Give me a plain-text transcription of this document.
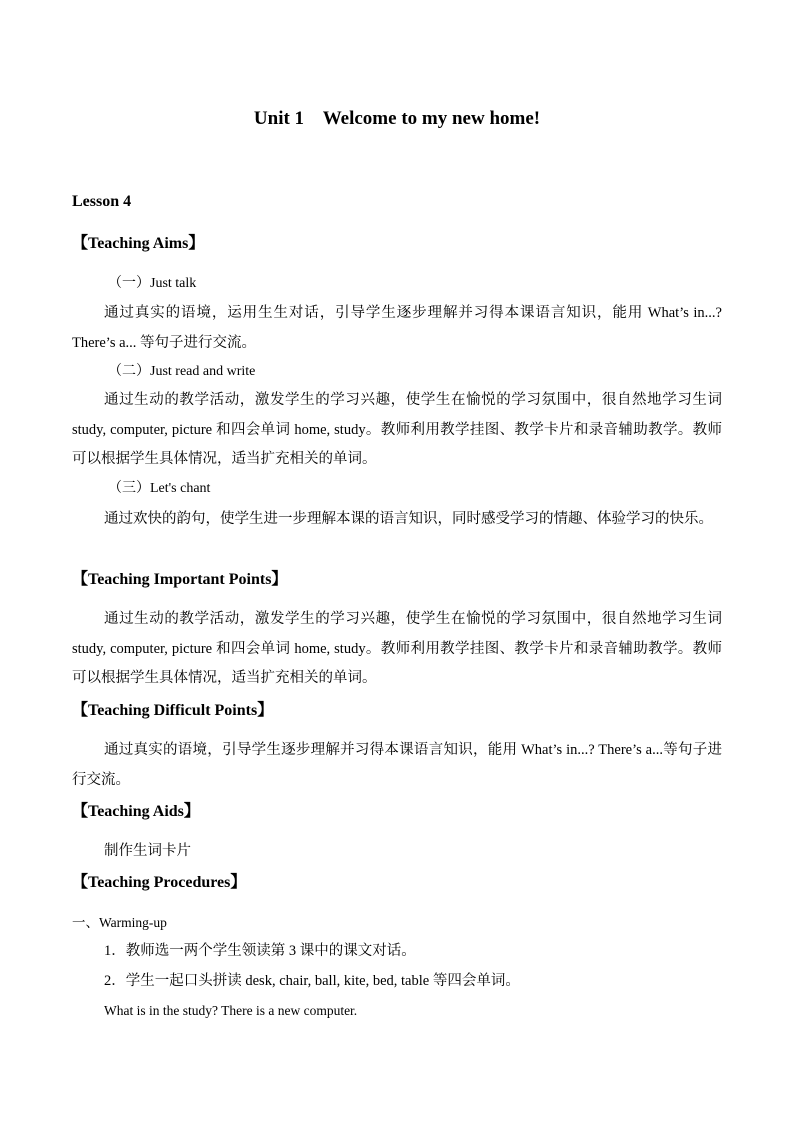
Unit 1    Welcome to my new home!
Lesson 4
【Teaching Aims】
（一）Just talk
通过真实的语境，运用生生对话，引导学生逐步理解并习得本课语言知识，能用 What’s in...? There’s a... 等句子进行交流。
（二）Just read and write
通过生动的教学活动，激发学生的学习兴趣，使学生在愉悦的学习氛围中，很自然地学习生词 study, computer, picture 和四会单词 home, study。教师利用教学挂图、教学卡片和录音辅助教学。教师可以根据学生具体情况，适当扩充相关的单词。
（三）Let's chant
通过欢快的韵句，使学生进一步理解本课的语言知识，同时感受学习的情趣、体验学习的快乐。
【Teaching Important Points】
通过生动的教学活动，激发学生的学习兴趣，使学生在愉悦的学习氛围中，很自然地学习生词 study, computer, picture 和四会单词 home, study。教师利用教学挂图、教学卡片和录音辅助教学。教师可以根据学生具体情况，适当扩充相关的单词。
【Teaching Difficult Points】
通过真实的语境，引导学生逐步理解并习得本课语言知识，能用 What’s in...? There’s a...等句子进行交流。
【Teaching Aids】
制作生词卡片
【Teaching Procedures】
一、Warming-up
1．教师选一两个学生领读第 3 课中的课文对话。
2．学生一起口头拼读 desk, chair, ball, kite, bed, table 等四会单词。
What is in the study? There is a new computer.
